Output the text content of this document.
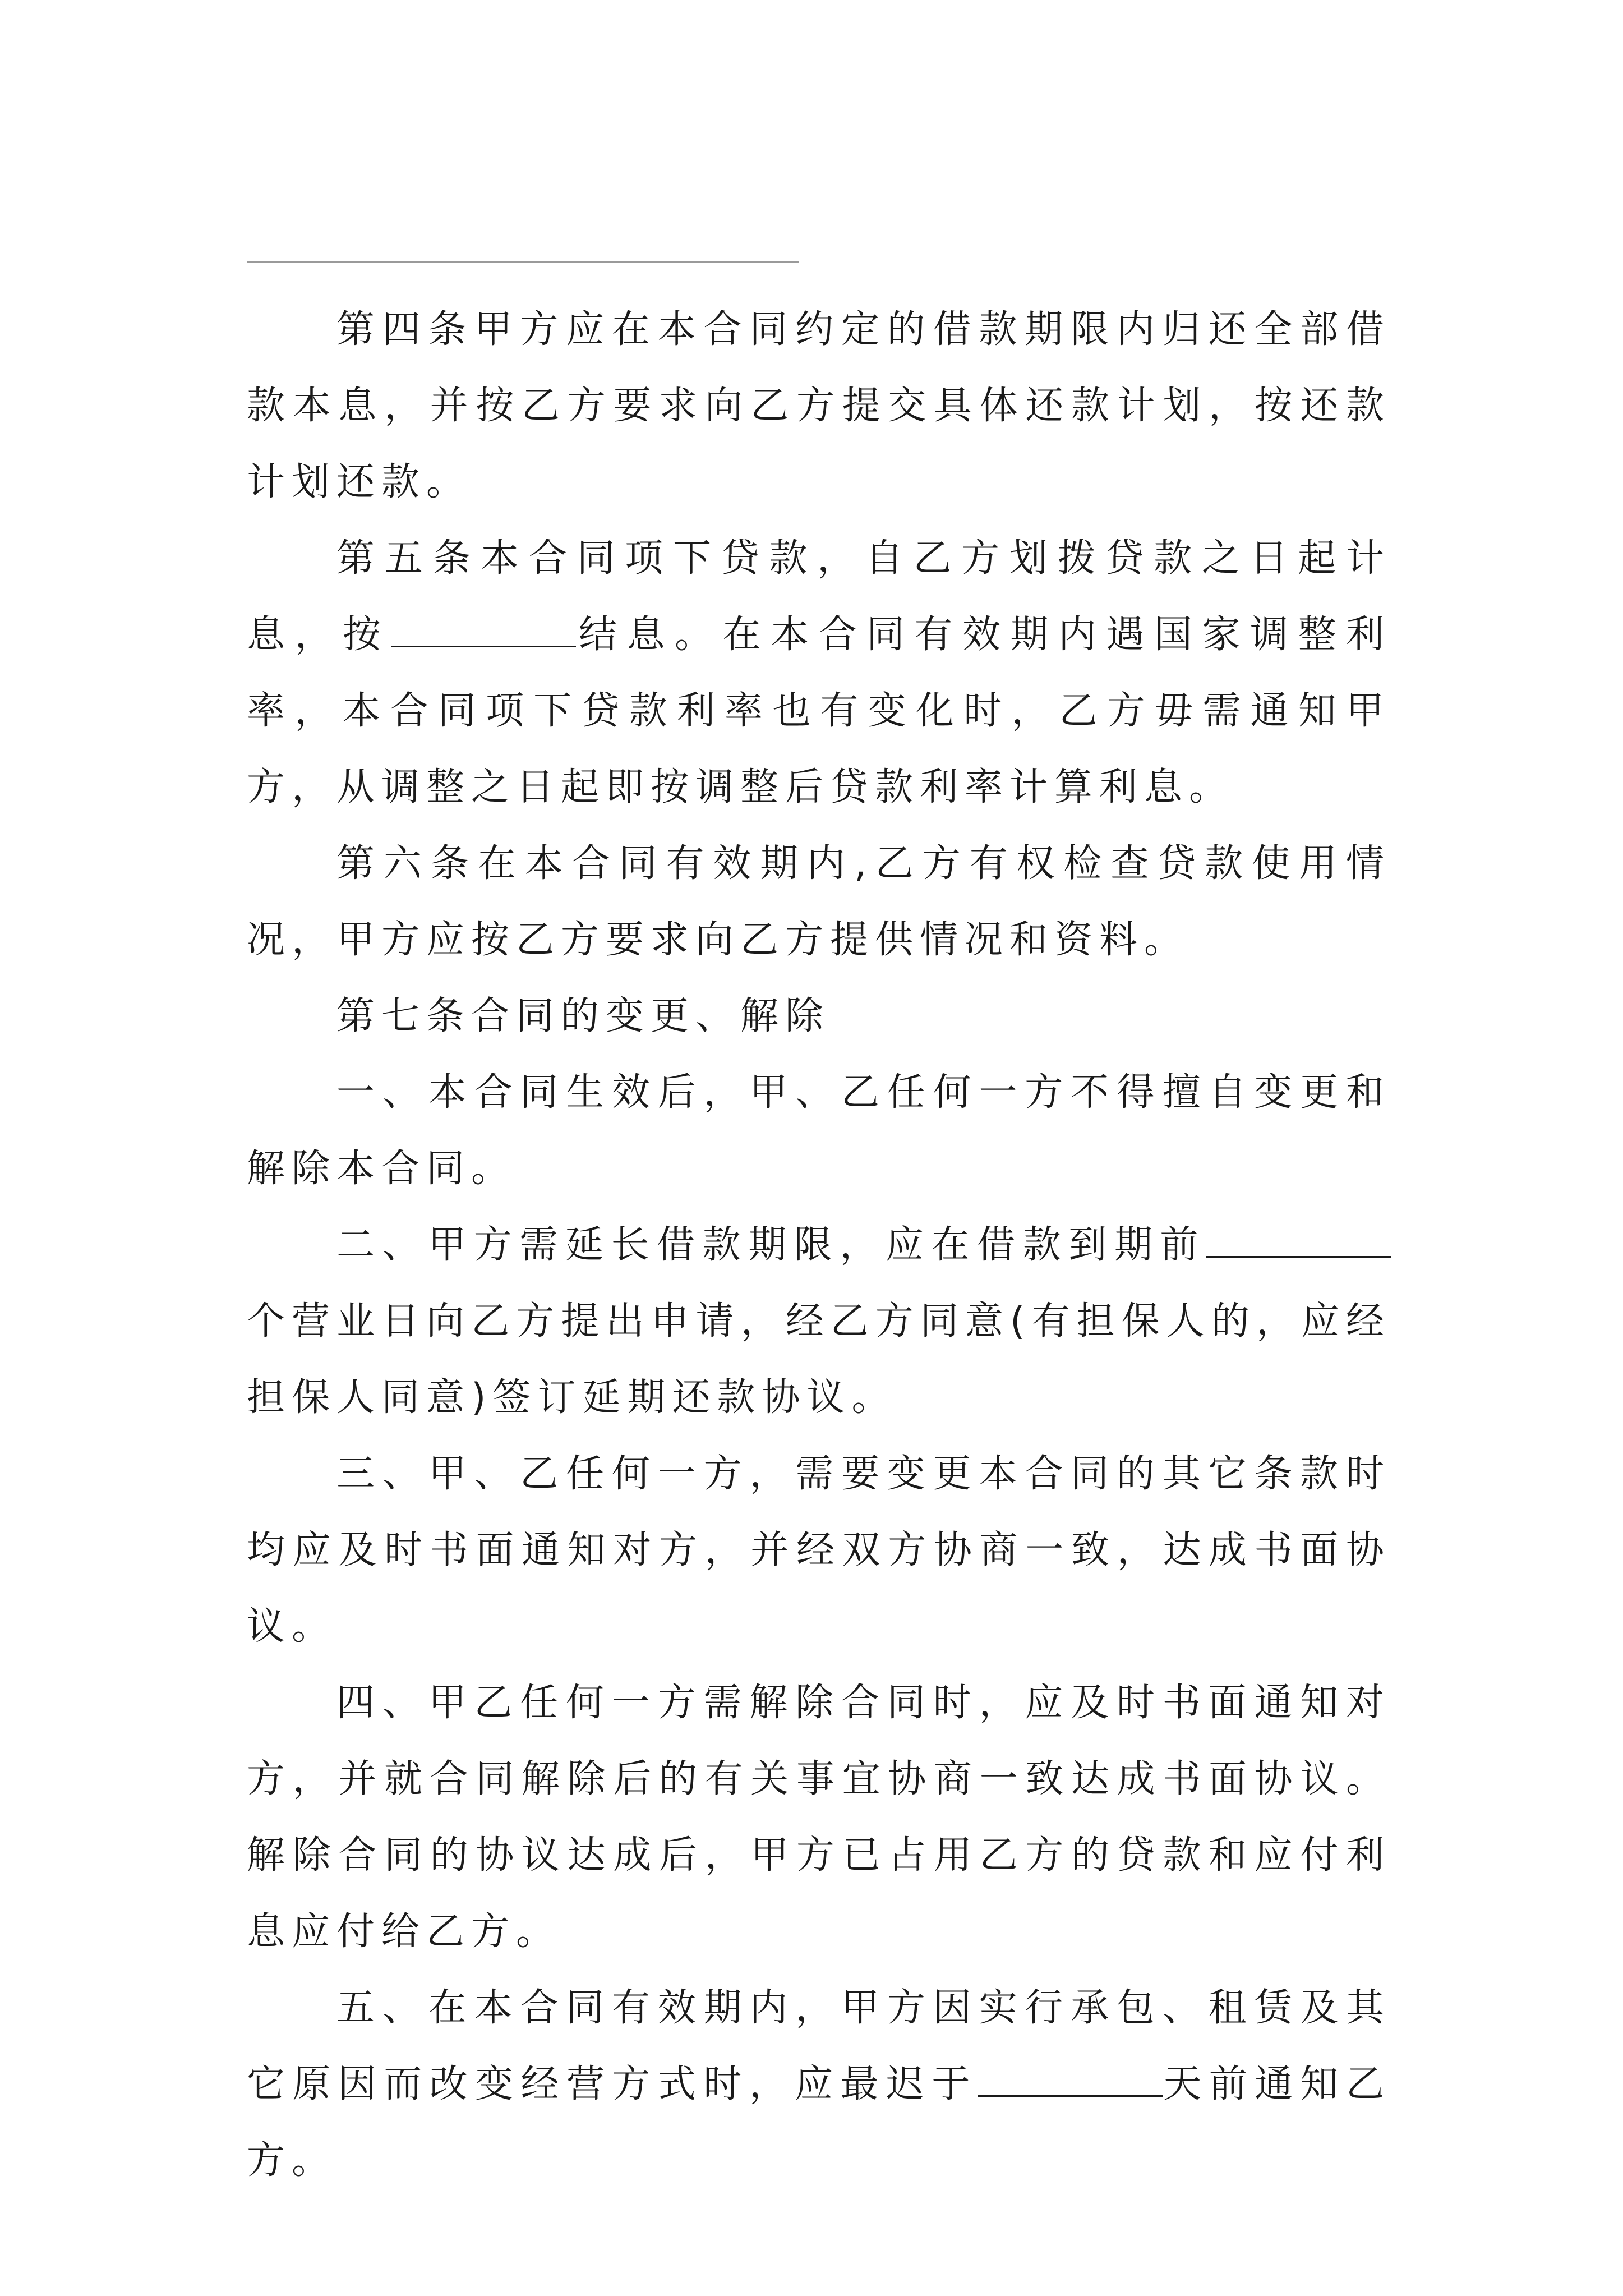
第四条甲方应在本合同约定的借款期限内归还全部借款本息，并按乙方要求向乙方提交具体还款计划，按还款计划还款。

第五条本合同项下贷款，自乙方划拨贷款之日起计息，按	结息。在本合同有效期内遇国家调整利率，本合同项下贷款利率也有变化时，乙方毋需通知甲方，从调整之日起即按调整后贷款利率计算利息。

第六条在本合同有效期内,乙方有权检查贷款使用情况，甲方应按乙方要求向乙方提供情况和资料。

第七条合同的变更、解除

一、本合同生效后，甲、乙任何一方不得擅自变更和解除本合同。

二、甲方需延长借款期限，应在借款到期前个营业日向乙方提出申请，经乙方同意(有担保人的，应经担保人同意)签订延期还款协议。

三、甲、乙任何一方，需要变更本合同的其它条款时均应及时书面通知对方，并经双方协商一致，达成书面协议。

四、甲乙任何一方需解除合同时，应及时书面通知对方，并就合同解除后的有关事宜协商一致达成书面协议。解除合同的协议达成后，甲方已占用乙方的贷款和应付利息应付给乙方。

五、在本合同有效期内，甲方因实行承包、租赁及其它原因而改变经营方式时，应最迟于	天前通知乙方。
